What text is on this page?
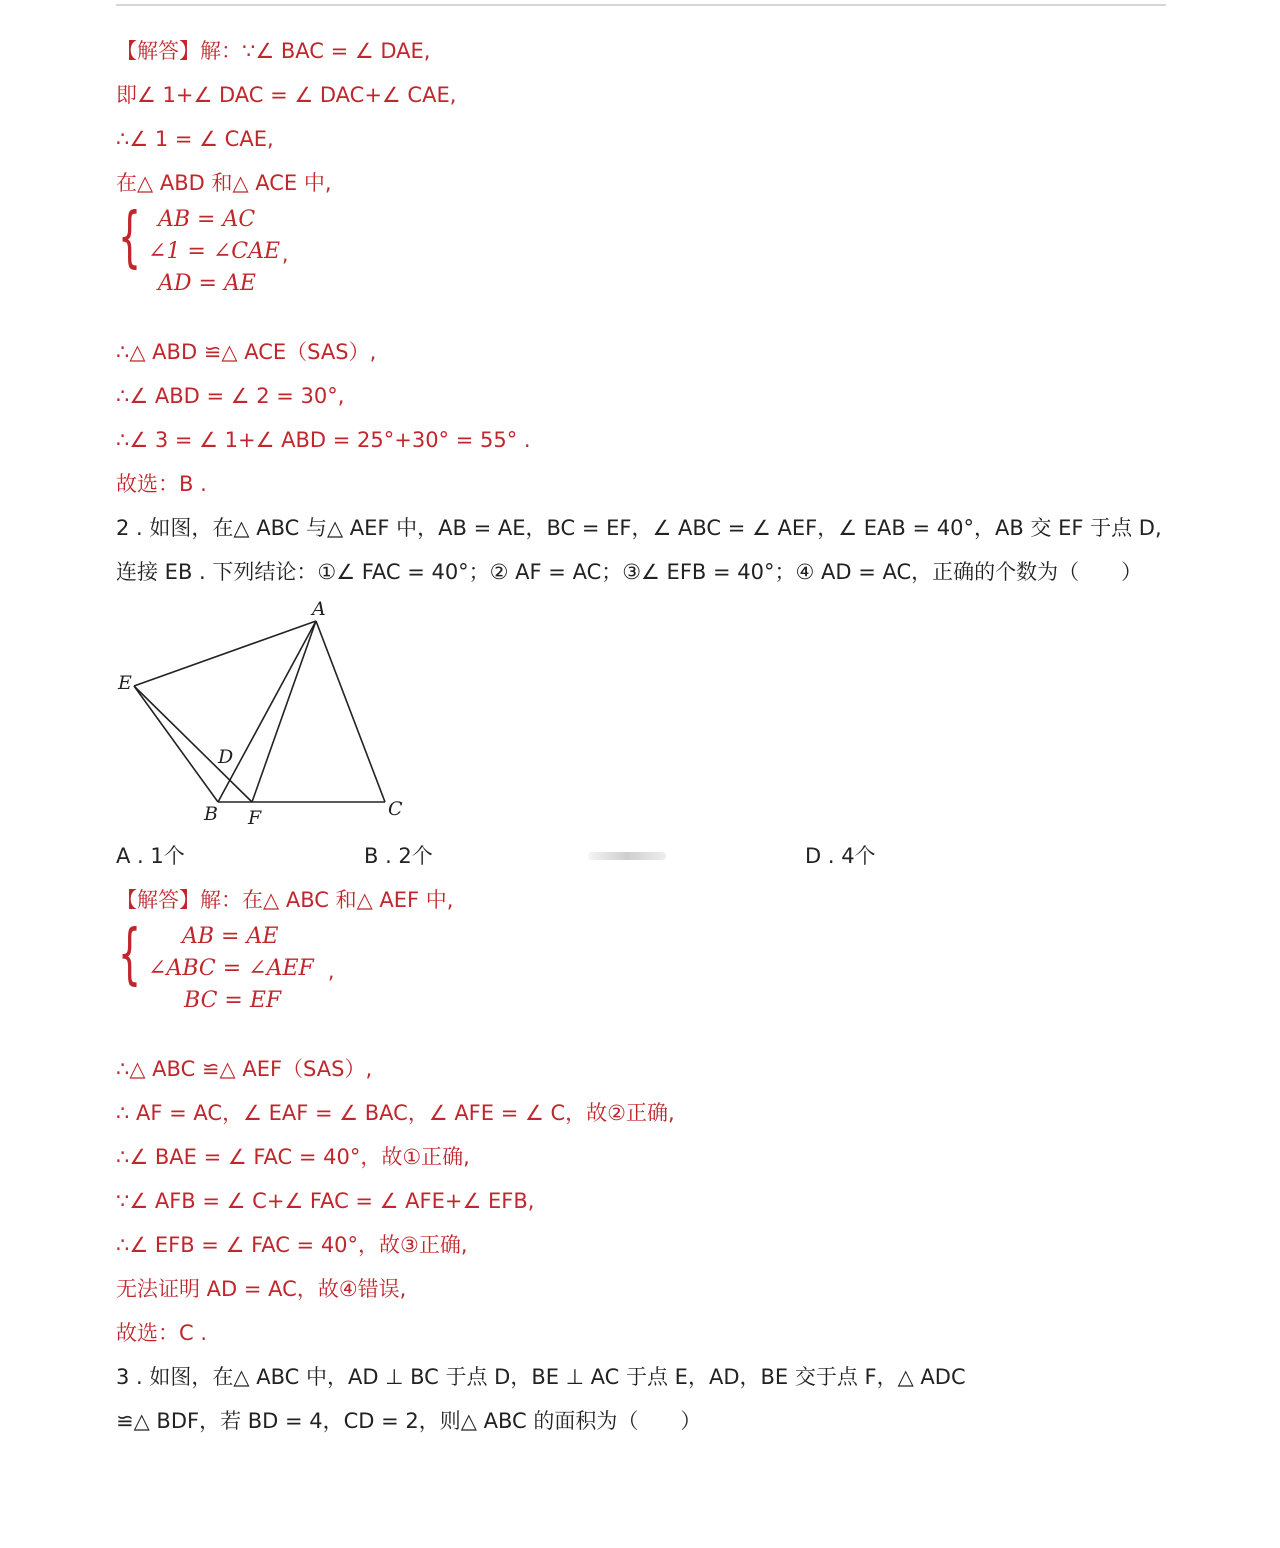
【解答】解：∵∠ BAC = ∠ DAE,
即∠ 1+∠ DAC = ∠ DAC+∠ CAE,
∴∠ 1 = ∠ CAE,
在△ ABD 和△ ACE 中,
{ AB = AC
∠1 = ∠CAE ,
AD = AE
∴△ ABD ≌△ ACE（SAS）,
∴∠ ABD = ∠ 2 = 30°,
∴∠ 3 = ∠ 1+∠ ABD = 25°+30° = 55° .
故选：B .
2 . 如图，在△ ABC 与△ AEF 中，AB = AE，BC = EF，∠ ABC = ∠ AEF，∠ EAB = 40°，AB 交 EF 于点 D,
连接 EB . 下列结论：①∠ FAC = 40°；② AF = AC；③∠ EFB = 40°；④ AD = AC，正确的个数为（　　）
A
E
D
B F	C
A . 1个	B . 2个	D . 4个
【解答】解：在△ ABC 和△ AEF 中,
{ AB = AE
∠ABC = ∠AEF ,
BC = EF
∴△ ABC ≌△ AEF（SAS）,
∴ AF = AC，∠ EAF = ∠ BAC，∠ AFE = ∠ C，故②正确,
∴∠ BAE = ∠ FAC = 40°，故①正确,
∵∠ AFB = ∠ C+∠ FAC = ∠ AFE+∠ EFB,
∴∠ EFB = ∠ FAC = 40°，故③正确,
无法证明 AD = AC，故④错误,
故选：C .
3 . 如图，在△ ABC 中，AD ⊥ BC 于点 D，BE ⊥ AC 于点 E，AD，BE 交于点 F，△ ADC
≌△ BDF，若 BD = 4，CD = 2，则△ ABC 的面积为（　　）
